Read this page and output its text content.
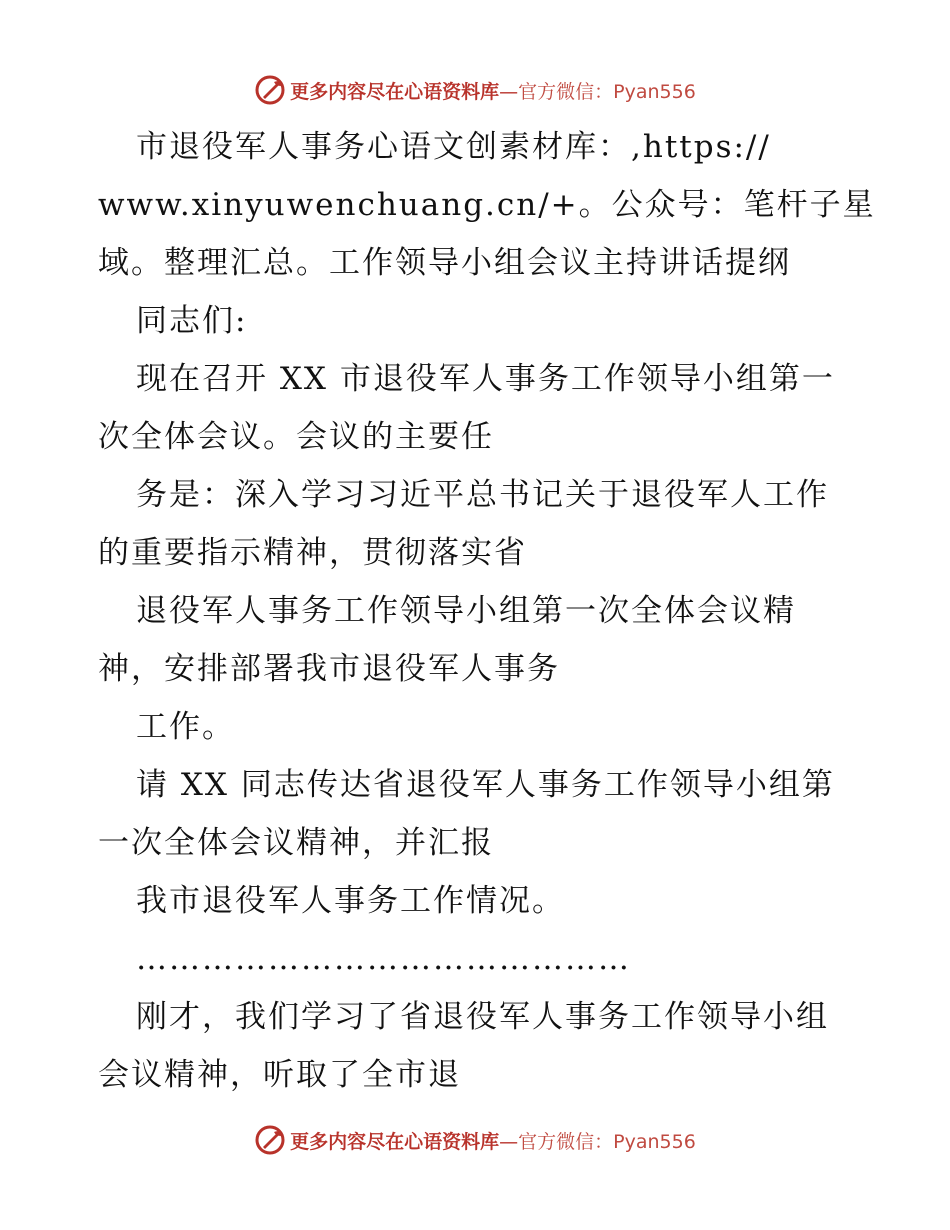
更多内容尽在心语资料库—官方微信：Pyan556
市退役军人事务心语文创素材库：,https://
www.xinyuwenchuang.cn/+。公众号：笔杆子星
域。整理汇总。工作领导小组会议主持讲话提纲
同志们:
现在召开 XX 市退役军人事务工作领导小组第一
次全体会议。会议的主要任
务是：深入学习习近平总书记关于退役军人工作
的重要指示精神，贯彻落实省
退役军人事务工作领导小组第一次全体会议精
神，安排部署我市退役军人事务
工作。
请 XX 同志传达省退役军人事务工作领导小组第
一次全体会议精神，并汇报
我市退役军人事务工作情况。
………………………………………
刚才，我们学习了省退役军人事务工作领导小组
会议精神，听取了全市退
更多内容尽在心语资料库—官方微信：Pyan556
